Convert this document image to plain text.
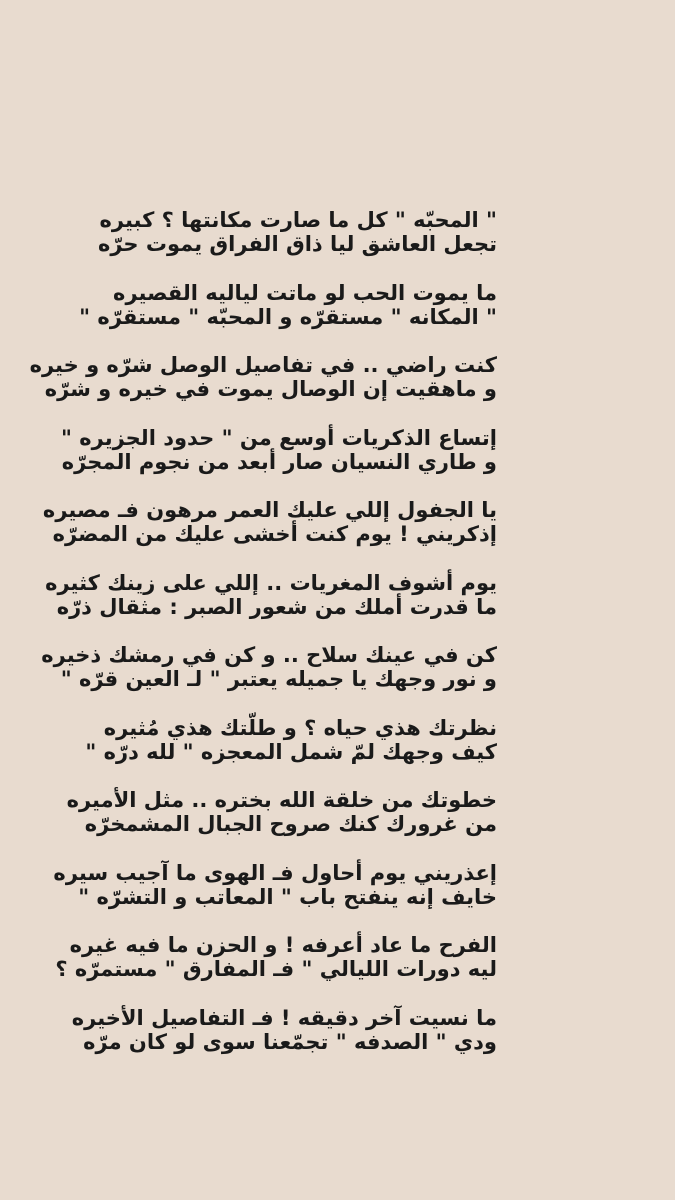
" المحبّه " كل ما صارت مكانتها ؟ كبيره
تجعل العاشق ليا ذاق الفراق يموت حرّه
ما يموت الحب لو ماتت لياليه القصيره
" المكانه " مستقرّه و المحبّه " مستقرّه "
كنت راضي .. في تفاصيل الوصل شرّه و خيره
و ماهقيت إن الوصال يموت في خيره و شرّه
إتساع الذكريات أوسع من " حدود الجزيره "
و طاري النسيان صار أبعد من نجوم المجرّه
يا الجفول إللي عليك العمر مرهون فـ مصيره
إذكريني ! يوم كنت أخشى عليك من المضرّه
يوم أشوف المغريات .. إللي على زينك كثيره
ما قدرت أملك من شعور الصبر : مثقال ذرّه
كن في عينك سلاح .. و كن في رمشك ذخيره
و نور وجهك يا جميله يعتبر " لـ العين قرّه "
نظرتك هذي حياه ؟ و طلّتك هذي مُثيره
كيف وجهك لمّ شمل المعجزه " لله درّه "
خطوتك من خلقة الله بختره .. مثل الأميره
من غرورك كنك صروح الجبال المشمخرّه
إعذريني يوم أحاول فـ الهوى ما آجيب سيره
خايف إنه ينفتح باب " المعاتب و التشرّه "
الفرح ما عاد أعرفه ! و الحزن ما فيه غيره
ليه دورات الليالي " فـ المفارق " مستمرّه ؟
ما نسيت آخر دقيقه ! فـ التفاصيل الأخيره
ودي " الصدفه " تجمّعنا سوى لو كان مرّه
